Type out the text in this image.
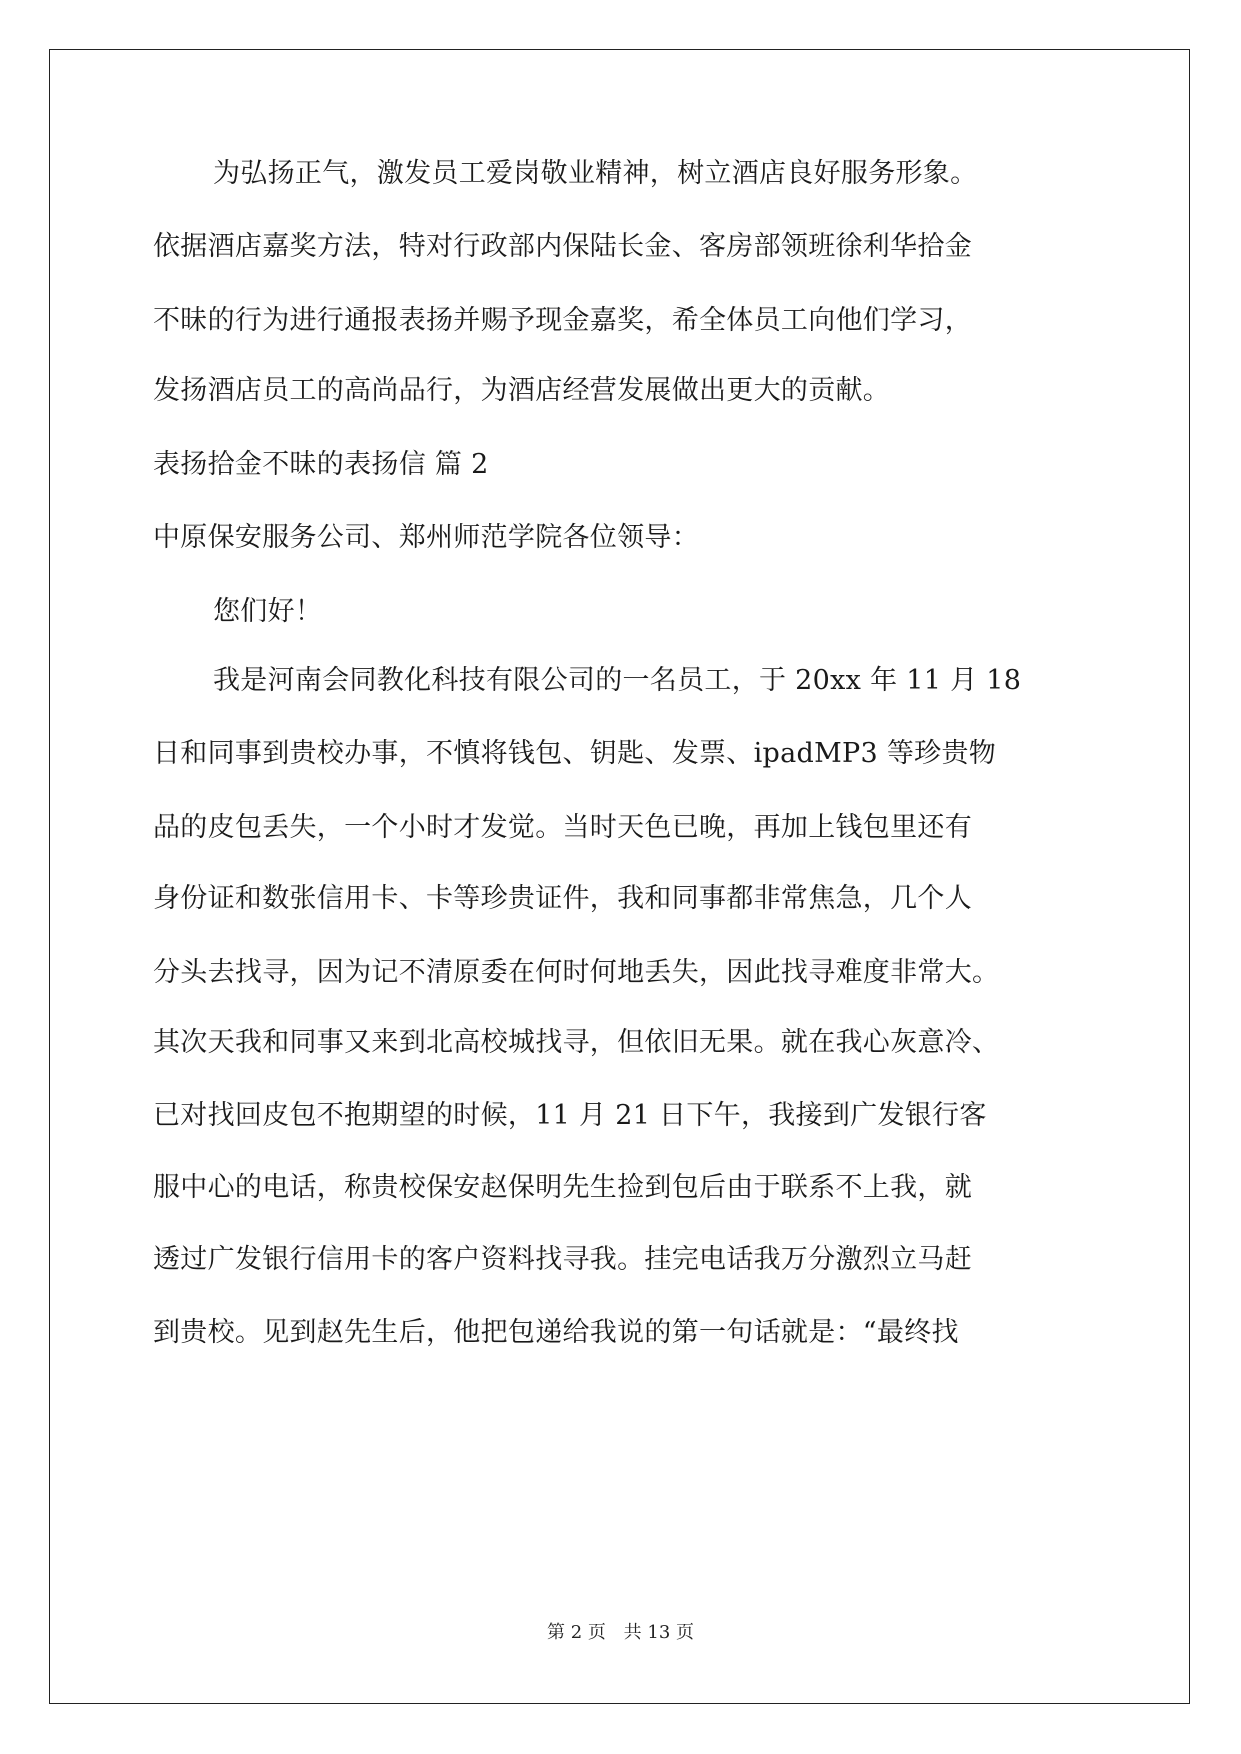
为弘扬正气，激发员工爱岗敬业精神，树立酒店良好服务形象。
依据酒店嘉奖方法，特对行政部内保陆长金、客房部领班徐利华拾金
不昧的行为进行通报表扬并赐予现金嘉奖，希全体员工向他们学习，
发扬酒店员工的高尚品行，为酒店经营发展做出更大的贡献。
表扬拾金不昧的表扬信 篇 2
中原保安服务公司、郑州师范学院各位领导：
您们好！
我是河南会同教化科技有限公司的一名员工，于 20xx 年 11 月 18
日和同事到贵校办事，不慎将钱包、钥匙、发票、ipadMP3 等珍贵物
品的皮包丢失，一个小时才发觉。当时天色已晚，再加上钱包里还有
身份证和数张信用卡、卡等珍贵证件，我和同事都非常焦急，几个人
分头去找寻，因为记不清原委在何时何地丢失，因此找寻难度非常大。
其次天我和同事又来到北高校城找寻，但依旧无果。就在我心灰意冷、
已对找回皮包不抱期望的时候，11 月 21 日下午，我接到广发银行客
服中心的电话，称贵校保安赵保明先生捡到包后由于联系不上我，就
透过广发银行信用卡的客户资料找寻我。挂完电话我万分激烈立马赶
到贵校。见到赵先生后，他把包递给我说的第一句话就是：“最终找
第 2 页 共 13 页
